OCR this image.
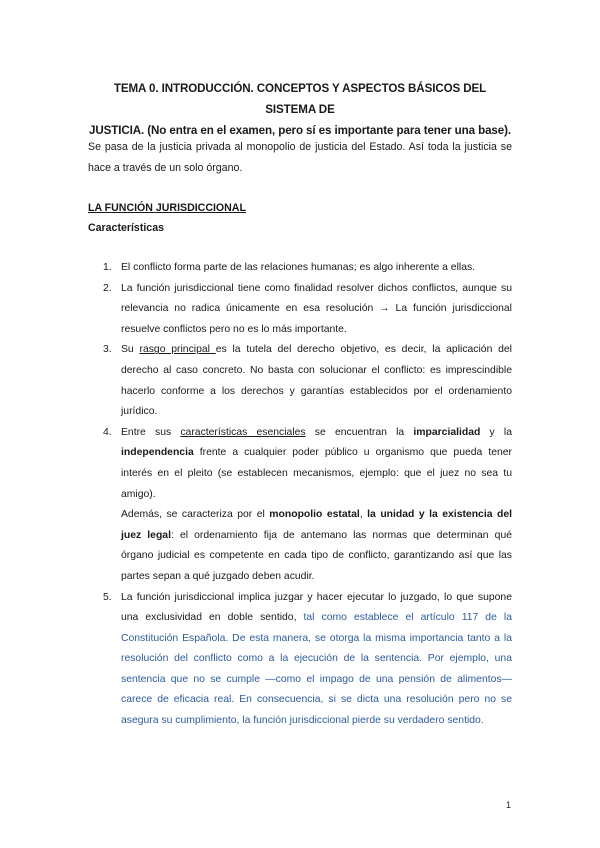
TEMA 0. INTRODUCCIÓN. CONCEPTOS Y ASPECTOS BÁSICOS DEL SISTEMA DE
JUSTICIA. (No entra en el examen, pero sí es importante para tener una base).
Se pasa de la justicia privada al monopolio de justicia del Estado. Así toda la justicia se hace a través de un solo órgano.
LA FUNCIÓN JURISDICCIONAL
Características
1. El conflicto forma parte de las relaciones humanas; es algo inherente a ellas.
2. La función jurisdiccional tiene como finalidad resolver dichos conflictos, aunque su relevancia no radica únicamente en esa resolución → La función jurisdiccional resuelve conflictos pero no es lo más importante.
3. Su rasgo principal es la tutela del derecho objetivo, es decir, la aplicación del derecho al caso concreto. No basta con solucionar el conflicto: es imprescindible hacerlo conforme a los derechos y garantías establecidos por el ordenamiento jurídico.
4. Entre sus características esenciales se encuentran la imparcialidad y la independencia frente a cualquier poder público u organismo que pueda tener interés en el pleito (se establecen mecanismos, ejemplo: que el juez no sea tu amigo).
Además, se caracteriza por el monopolio estatal, la unidad y la existencia del juez legal: el ordenamiento fija de antemano las normas que determinan qué órgano judicial es competente en cada tipo de conflicto, garantizando así que las partes sepan a qué juzgado deben acudir.
5. La función jurisdiccional implica juzgar y hacer ejecutar lo juzgado, lo que supone una exclusividad en doble sentido, tal como establece el artículo 117 de la Constitución Española. De esta manera, se otorga la misma importancia tanto a la resolución del conflicto como a la ejecución de la sentencia. Por ejemplo, una sentencia que no se cumple —como el impago de una pensión de alimentos— carece de eficacia real. En consecuencia, si se dicta una resolución pero no se asegura su cumplimiento, la función jurisdiccional pierde su verdadero sentido.
1
